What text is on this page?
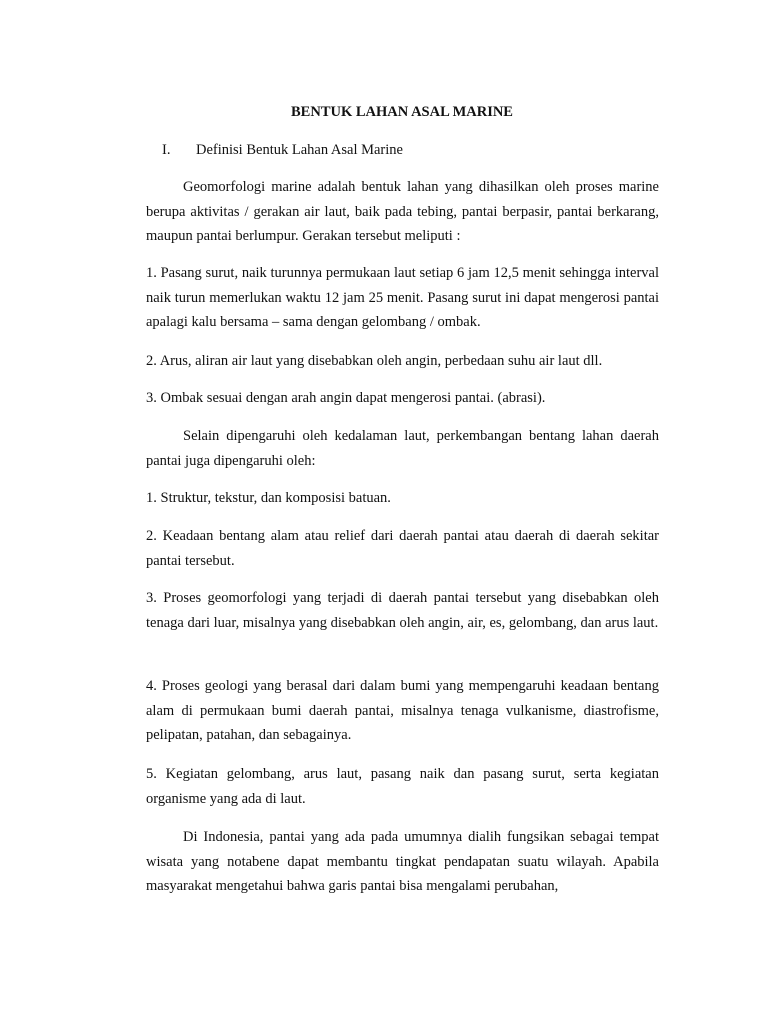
BENTUK LAHAN ASAL MARINE
I. Definisi Bentuk Lahan Asal Marine
Geomorfologi marine adalah bentuk lahan yang dihasilkan oleh proses marine berupa aktivitas / gerakan air laut, baik pada tebing, pantai berpasir, pantai berkarang, maupun pantai berlumpur. Gerakan tersebut meliputi :
1. Pasang surut, naik turunnya permukaan laut setiap 6 jam 12,5 menit sehingga interval naik turun memerlukan waktu 12 jam 25 menit. Pasang surut ini dapat mengerosi pantai apalagi kalu bersama – sama dengan gelombang / ombak.
2. Arus, aliran air laut yang disebabkan oleh angin, perbedaan suhu air laut dll.
3. Ombak sesuai dengan arah angin dapat mengerosi pantai. (abrasi).
Selain dipengaruhi oleh kedalaman laut, perkembangan bentang lahan daerah pantai juga dipengaruhi oleh:
1. Struktur, tekstur, dan komposisi batuan.
2. Keadaan bentang alam atau relief dari daerah pantai atau daerah di daerah sekitar pantai tersebut.
3. Proses geomorfologi yang terjadi di daerah pantai tersebut yang disebabkan oleh tenaga dari luar, misalnya yang disebabkan oleh angin, air, es, gelombang, dan arus laut.
4. Proses geologi yang berasal dari dalam bumi yang mempengaruhi keadaan bentang alam di permukaan bumi daerah pantai, misalnya tenaga vulkanisme, diastrofisme, pelipatan, patahan, dan sebagainya.
5. Kegiatan gelombang, arus laut, pasang naik dan pasang surut, serta kegiatan organisme yang ada di laut.
Di Indonesia, pantai yang ada pada umumnya dialih fungsikan sebagai tempat wisata yang notabene dapat membantu tingkat pendapatan suatu wilayah. Apabila masyarakat mengetahui bahwa garis pantai bisa mengalami perubahan,
